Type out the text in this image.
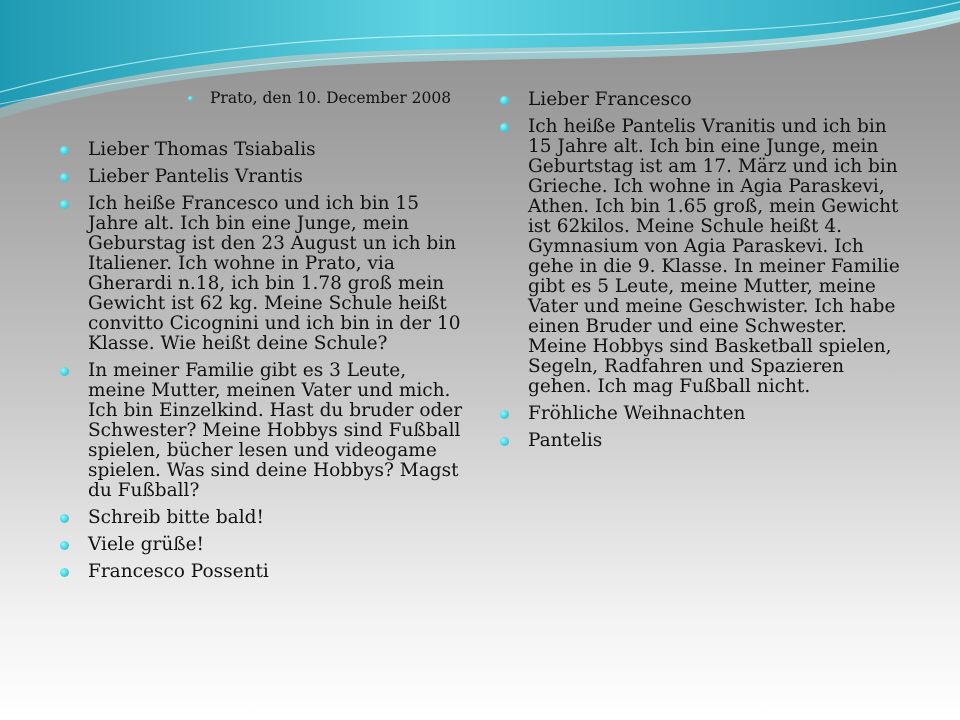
Prato, den 10. December 2008
Lieber Thomas Tsiabalis
Lieber Pantelis Vrantis
Ich heiße Francesco und ich bin 15 Jahre alt. Ich bin eine Junge, mein Geburstag ist den 23 August un ich bin Italiener. Ich wohne in Prato, via Gherardi n.18, ich bin 1.78 groß mein Gewicht ist 62 kg. Meine Schule heißt convitto Cicognini und ich bin in der 10 Klasse. Wie heißt deine Schule?
In meiner Familie gibt es 3 Leute, meine Mutter, meinen Vater und mich. Ich bin Einzelkind. Hast du bruder oder Schwester? Meine Hobbys sind Fußball spielen, bücher lesen und videogame spielen. Was sind deine Hobbys? Magst du Fußball?
Schreib bitte bald!
Viele grüße!
Francesco Possenti
Lieber Francesco
Ich heiße Pantelis Vranitis und ich bin 15 Jahre alt. Ich bin eine Junge, mein Geburtstag ist am 17. März und ich bin Grieche. Ich wohne in Agia Paraskevi, Athen. Ich bin 1.65 groß, mein Gewicht ist 62kilos. Meine Schule heißt 4. Gymnasium von Agia Paraskevi. Ich gehe in die 9. Klasse. In meiner Familie gibt es 5 Leute, meine Mutter, meine Vater und meine Geschwister. Ich habe einen Bruder und eine Schwester. Meine Hobbys sind Basketball spielen, Segeln, Radfahren und Spazieren gehen. Ich mag Fußball nicht.
Fröhliche Weihnachten
Pantelis
